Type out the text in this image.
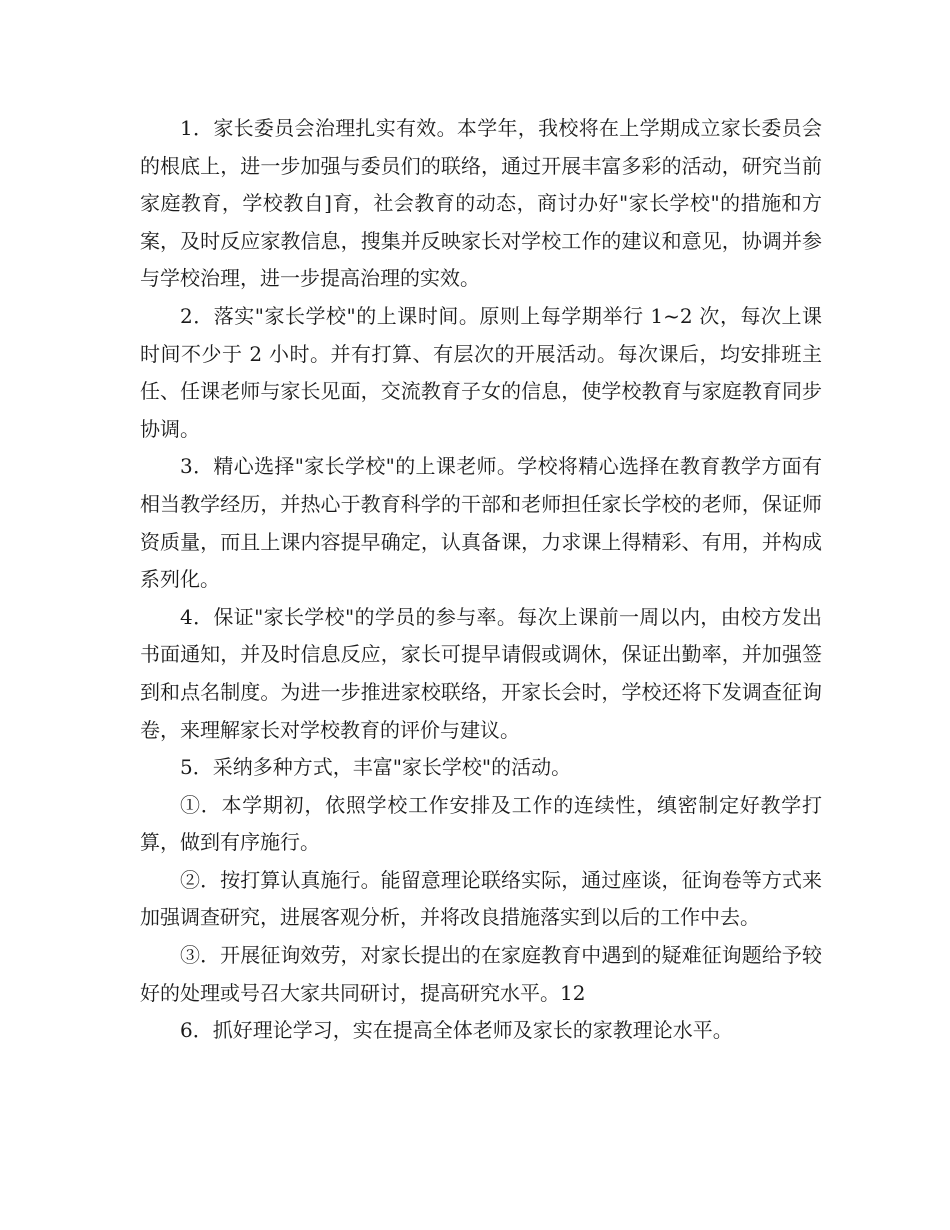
1．家长委员会治理扎实有效。本学年，我校将在上学期成立家长委员会的根底上，进一步加强与委员们的联络，通过开展丰富多彩的活动，研究当前家庭教育，学校教自]育，社会教育的动态，商讨办好"家长学校"的措施和方案，及时反应家教信息，搜集并反映家长对学校工作的建议和意见，协调并参与学校治理，进一步提高治理的实效。

2．落实"家长学校"的上课时间。原则上每学期举行 1~2 次，每次上课时间不少于 2 小时。并有打算、有层次的开展活动。每次课后，均安排班主任、任课老师与家长见面，交流教育子女的信息，使学校教育与家庭教育同步协调。

3．精心选择"家长学校"的上课老师。学校将精心选择在教育教学方面有相当教学经历，并热心于教育科学的干部和老师担任家长学校的老师，保证师资质量，而且上课内容提早确定，认真备课，力求课上得精彩、有用，并构成系列化。

4．保证"家长学校"的学员的参与率。每次上课前一周以内，由校方发出书面通知，并及时信息反应，家长可提早请假或调休，保证出勤率，并加强签到和点名制度。为进一步推进家校联络，开家长会时，学校还将下发调查征询卷，来理解家长对学校教育的评价与建议。

5．采纳多种方式，丰富"家长学校"的活动。

①．本学期初，依照学校工作安排及工作的连续性，缜密制定好教学打算，做到有序施行。

②．按打算认真施行。能留意理论联络实际，通过座谈，征询卷等方式来加强调查研究，进展客观分析，并将改良措施落实到以后的工作中去。

③．开展征询效劳，对家长提出的在家庭教育中遇到的疑难征询题给予较好的处理或号召大家共同研讨，提高研究水平。12

6．抓好理论学习，实在提高全体老师及家长的家教理论水平。
